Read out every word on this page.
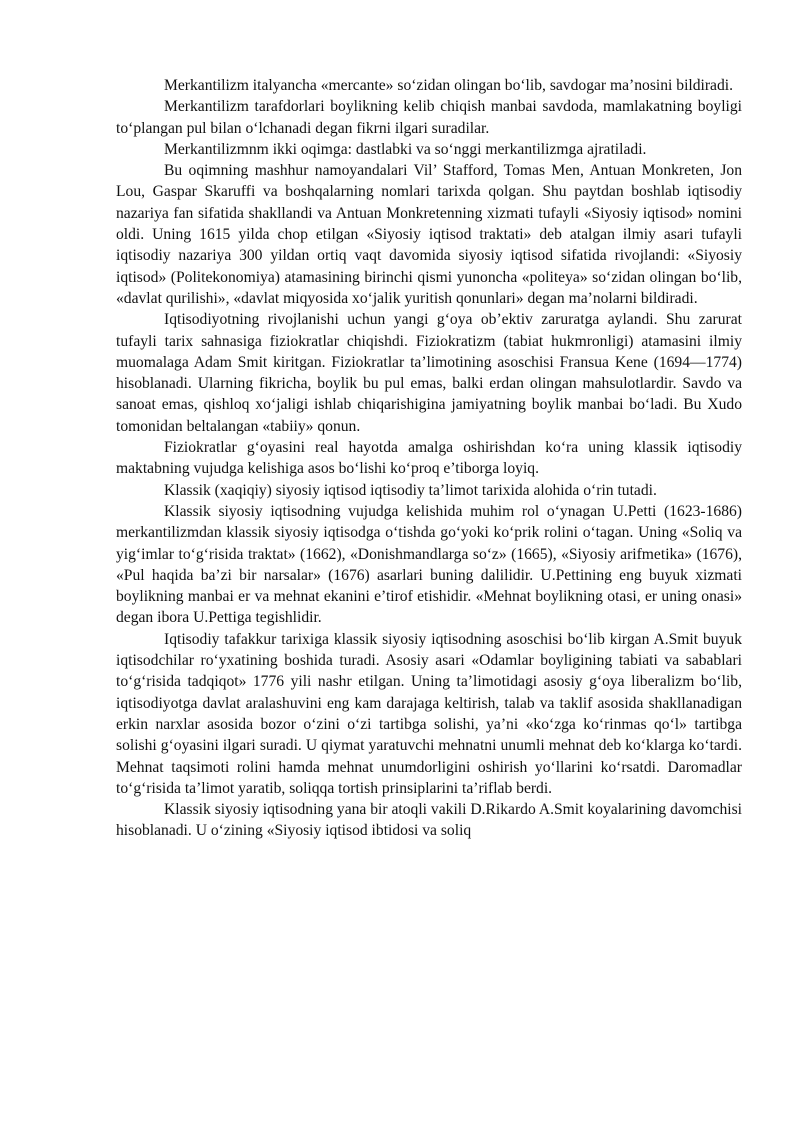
Merkantilizm italyancha «mercante» so‘zidan olingan bo‘lib, savdogar ma’nosini bildiradi.

Merkantilizm tarafdorlari boylikning kelib chiqish manbai savdoda, mamlakatning boyligi to‘plangan pul bilan o‘lchanadi degan fikrni ilgari suradilar.

Merkantilizmnm ikki oqimga: dastlabki va so‘nggi merkantilizmga ajratiladi.

Bu oqimning mashhur namoyandalari Vil’ Stafford, Tomas Men, Antuan Monkreten, Jon Lou, Gaspar Skaruffi va boshqalarning nomlari tarixda qolgan. Shu paytdan boshlab iqtisodiy nazariya fan sifatida shakllandi va Antuan Monkretenning xizmati tufayli «Siyosiy iqtisod» nomini oldi. Uning 1615 yilda chop etilgan «Siyosiy iqtisod traktati» deb atalgan ilmiy asari tufayli iqtisodiy nazariya 300 yildan ortiq vaqt davomida siyosiy iqtisod sifatida rivojlandi: «Siyosiy iqtisod» (Politekonomiya) atamasining birinchi qismi yunoncha «politeya» so‘zidan olingan bo‘lib, «davlat qurilishi», «davlat miqyosida xo‘jalik yuritish qonunlari» degan ma’nolarni bildiradi.

Iqtisodiyotning rivojlanishi uchun yangi g‘oya ob’ektiv zaruratga aylandi. Shu zarurat tufayli tarix sahnasiga fiziokratlar chiqishdi. Fiziokratizm (tabiat hukmronligi) atamasini ilmiy muomalaga Adam Smit kiritgan. Fiziokratlar ta’limotining asoschisi Fransua Kene (1694—1774) hisoblanadi. Ularning fikricha, boylik bu pul emas, balki erdan olingan mahsulotlardir. Savdo va sanoat emas, qishloq xo‘jaligi ishlab chiqarishigina jamiyatning boylik manbai bo‘ladi. Bu Xudo tomonidan beltalangan «tabiiy» qonun.

Fiziokratlar g‘oyasini real hayotda amalga oshirishdan ko‘ra uning klassik iqtisodiy maktabning vujudga kelishiga asos bo‘lishi ko‘proq e’tiborga loyiq.

Klassik (xaqiqiy) siyosiy iqtisod iqtisodiy ta’limot tarixida alohida o‘rin tutadi.

Klassik siyosiy iqtisodning vujudga kelishida muhim rol o‘ynagan U.Petti (1623-1686) merkantilizmdan klassik siyosiy iqtisodga o‘tishda go‘yoki ko‘prik rolini o‘tagan. Uning «Soliq va yig‘imlar to‘g‘risida traktat» (1662), «Donishmandlarga so‘z» (1665), «Siyosiy arifmetika» (1676), «Pul haqida ba’zi bir narsalar» (1676) asarlari buning dalilidir. U.Pettining eng buyuk xizmati boylikning manbai er va mehnat ekanini e’tirof etishidir. «Mehnat boylikning otasi, er uning onasi» degan ibora U.Pettiga tegishlidir.

Iqtisodiy tafakkur tarixiga klassik siyosiy iqtisodning asoschisi bo‘lib kirgan A.Smit buyuk iqtisodchilar ro‘yxatining boshida turadi. Asosiy asari «Odamlar boyligining tabiati va sabablari to‘g‘risida tadqiqot» 1776 yili nashr etilgan. Uning ta’limotidagi asosiy g‘oya liberalizm bo‘lib, iqtisodiyotga davlat aralashuvini eng kam darajaga keltirish, talab va taklif asosida shakllanadigan erkin narxlar asosida bozor o‘zini o‘zi tartibga solishi, ya’ni «ko‘zga ko‘rinmas qo‘l» tartibga solishi g‘oyasini ilgari suradi. U qiymat yaratuvchi mehnatni unumli mehnat deb ko‘klarga ko‘tardi. Mehnat taqsimoti rolini hamda mehnat unumdorligini oshirish yo‘llarini ko‘rsatdi. Daromadlar to‘g‘risida ta’limot yaratib, soliqqa tortish prinsiplarini ta’riflab berdi.

Klassik siyosiy iqtisodning yana bir atoqli vakili D.Rikardo A.Smit koyalarining davomchisi hisoblanadi. U o‘zining «Siyosiy iqtisod ibtidosi va soliq
